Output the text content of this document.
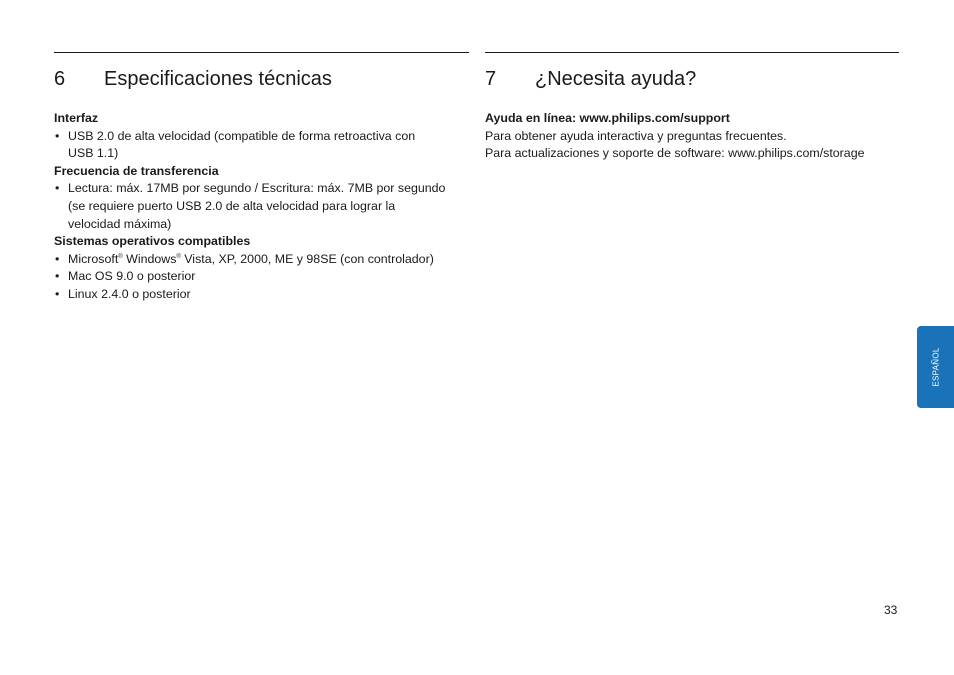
6 Especificaciones técnicas
Interfaz
• USB 2.0 de alta velocidad (compatible de forma retroactiva con
USB 1.1)
Frecuencia de transferencia
• Lectura: máx. 17MB por segundo / Escritura: máx. 7MB por segundo
(se requiere puerto USB 2.0 de alta velocidad para lograr la
velocidad máxima)
Sistemas operativos compatibles
• Microsoft® Windows® Vista, XP, 2000, ME y 98SE (con controlador)
• Mac OS 9.0 o posterior
• Linux 2.4.0 o posterior
7 ¿Necesita ayuda?
Ayuda en línea: www.philips.com/support
Para obtener ayuda interactiva y preguntas frecuentes.
Para actualizaciones y soporte de software: www.philips.com/storage
ESPAÑOL
33
